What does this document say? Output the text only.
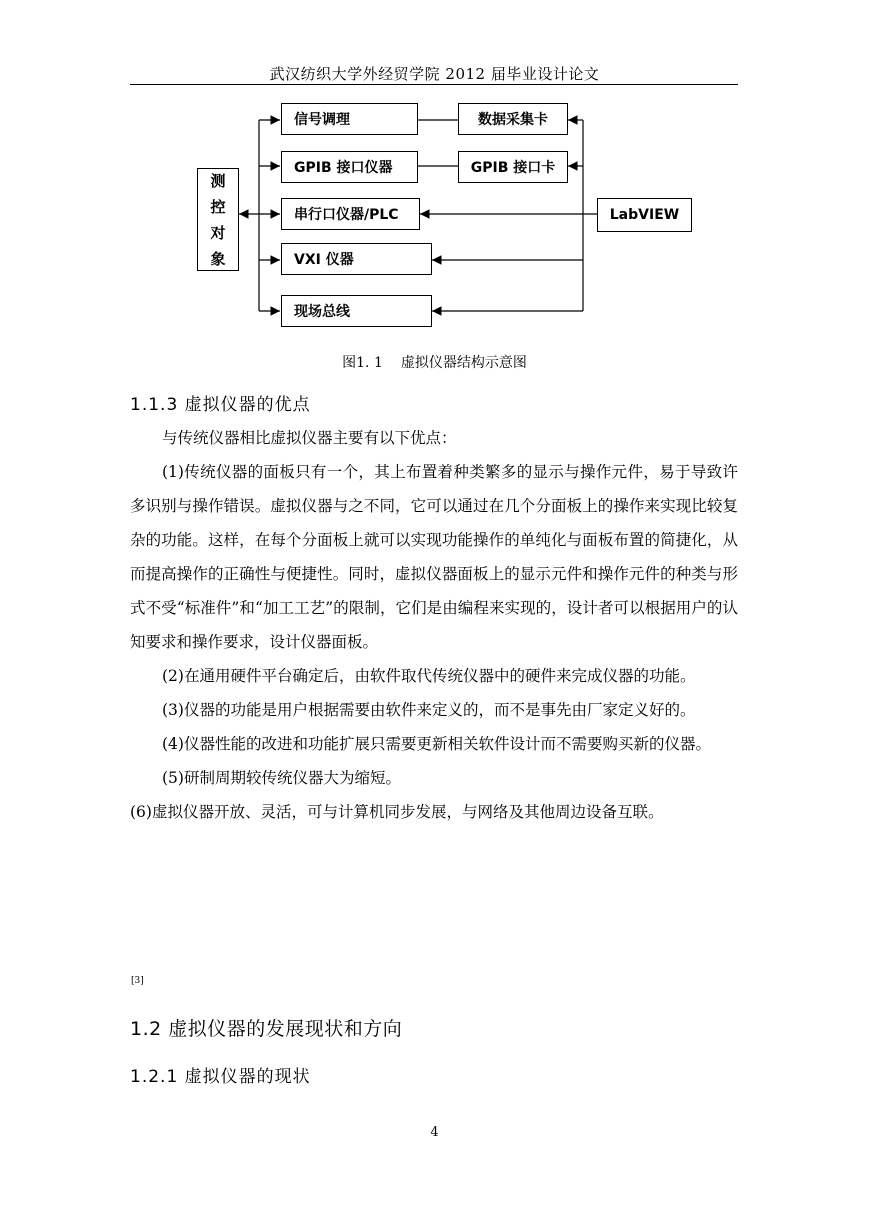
武汉纺织大学外经贸学院 2012 届毕业设计论文
测
控
对
象
信号调理
GPIB 接口仪器
串行口仪器/PLC
VXI 仪器
现场总线
数据采集卡
GPIB 接口卡
LabVIEW
图1. 1 虚拟仪器结构示意图
1.1.3 虚拟仪器的优点

与传统仪器相比虚拟仪器主要有以下优点：

(1)传统仪器的面板只有一个，其上布置着种类繁多的显示与操作元件，易于导致许多识别与操作错误。虚拟仪器与之不同，它可以通过在几个分面板上的操作来实现比较复杂的功能。这样，在每个分面板上就可以实现功能操作的单纯化与面板布置的简捷化，从而提高操作的正确性与便捷性。同时，虚拟仪器面板上的显示元件和操作元件的种类与形式不受“标准件”和“加工工艺”的限制，它们是由编程来实现的，设计者可以根据用户的认知要求和操作要求，设计仪器面板。

(2)在通用硬件平台确定后，由软件取代传统仪器中的硬件来完成仪器的功能。

(3)仪器的功能是用户根据需要由软件来定义的，而不是事先由厂家定义好的。

(4)仪器性能的改进和功能扩展只需要更新相关软件设计而不需要购买新的仪器。

(5)研制周期较传统仪器大为缩短。

(6)虚拟仪器开放、灵活，可与计算机同步发展，与网络及其他周边设备互联。

[3]
1.2 虚拟仪器的发展现状和方向
1.2.1 虚拟仪器的现状
4
